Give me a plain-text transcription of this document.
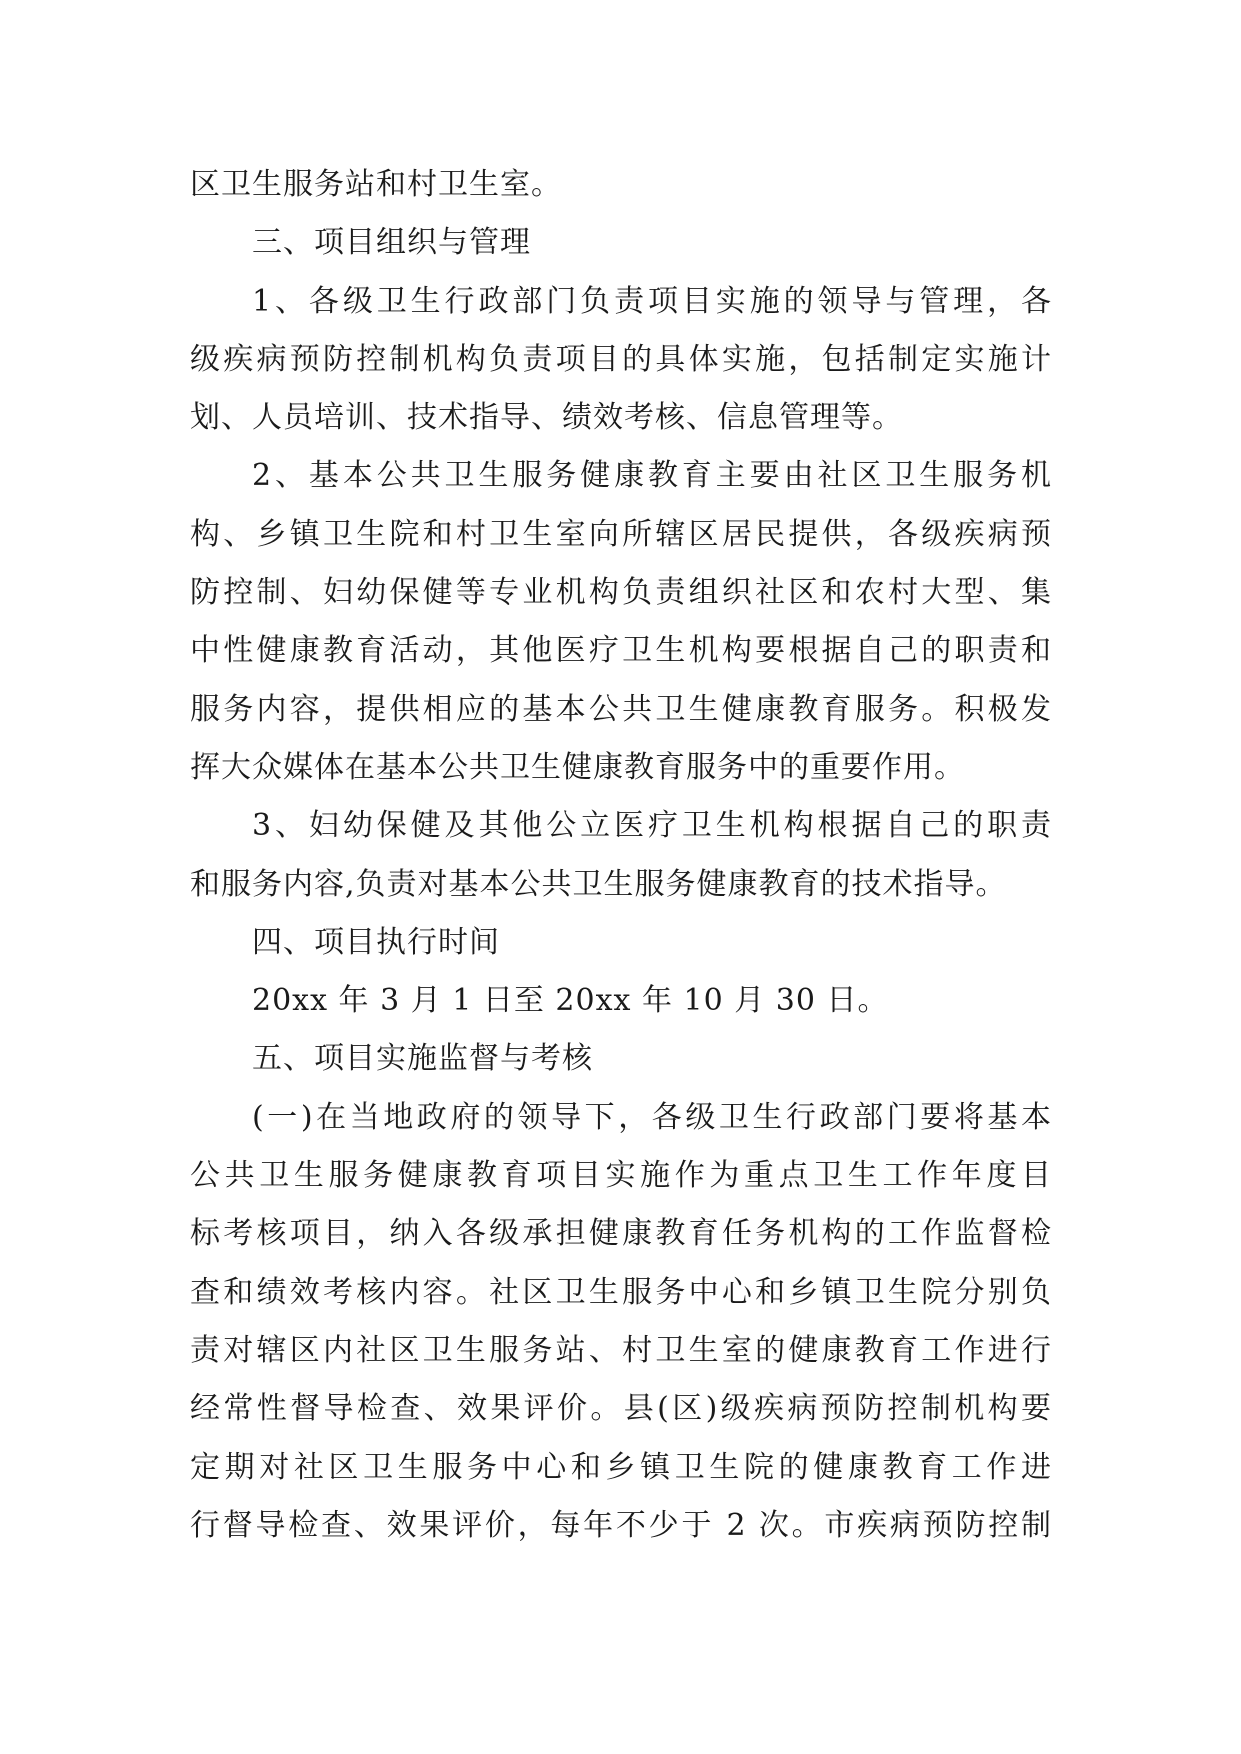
区卫生服务站和村卫生室。
三、项目组织与管理
1、各级卫生行政部门负责项目实施的领导与管理，各
级疾病预防控制机构负责项目的具体实施，包括制定实施计
划、人员培训、技术指导、绩效考核、信息管理等。
2、基本公共卫生服务健康教育主要由社区卫生服务机
构、乡镇卫生院和村卫生室向所辖区居民提供，各级疾病预
防控制、妇幼保健等专业机构负责组织社区和农村大型、集
中性健康教育活动，其他医疗卫生机构要根据自己的职责和
服务内容，提供相应的基本公共卫生健康教育服务。积极发
挥大众媒体在基本公共卫生健康教育服务中的重要作用。
3、妇幼保健及其他公立医疗卫生机构根据自己的职责
和服务内容,负责对基本公共卫生服务健康教育的技术指导。
四、项目执行时间
20xx 年 3 月 1 日至 20xx 年 10 月 30 日。
五、项目实施监督与考核
(一)在当地政府的领导下，各级卫生行政部门要将基本
公共卫生服务健康教育项目实施作为重点卫生工作年度目
标考核项目，纳入各级承担健康教育任务机构的工作监督检
查和绩效考核内容。社区卫生服务中心和乡镇卫生院分别负
责对辖区内社区卫生服务站、村卫生室的健康教育工作进行
经常性督导检查、效果评价。县(区)级疾病预防控制机构要
定期对社区卫生服务中心和乡镇卫生院的健康教育工作进
行督导检查、效果评价，每年不少于 2 次。市疾病预防控制
